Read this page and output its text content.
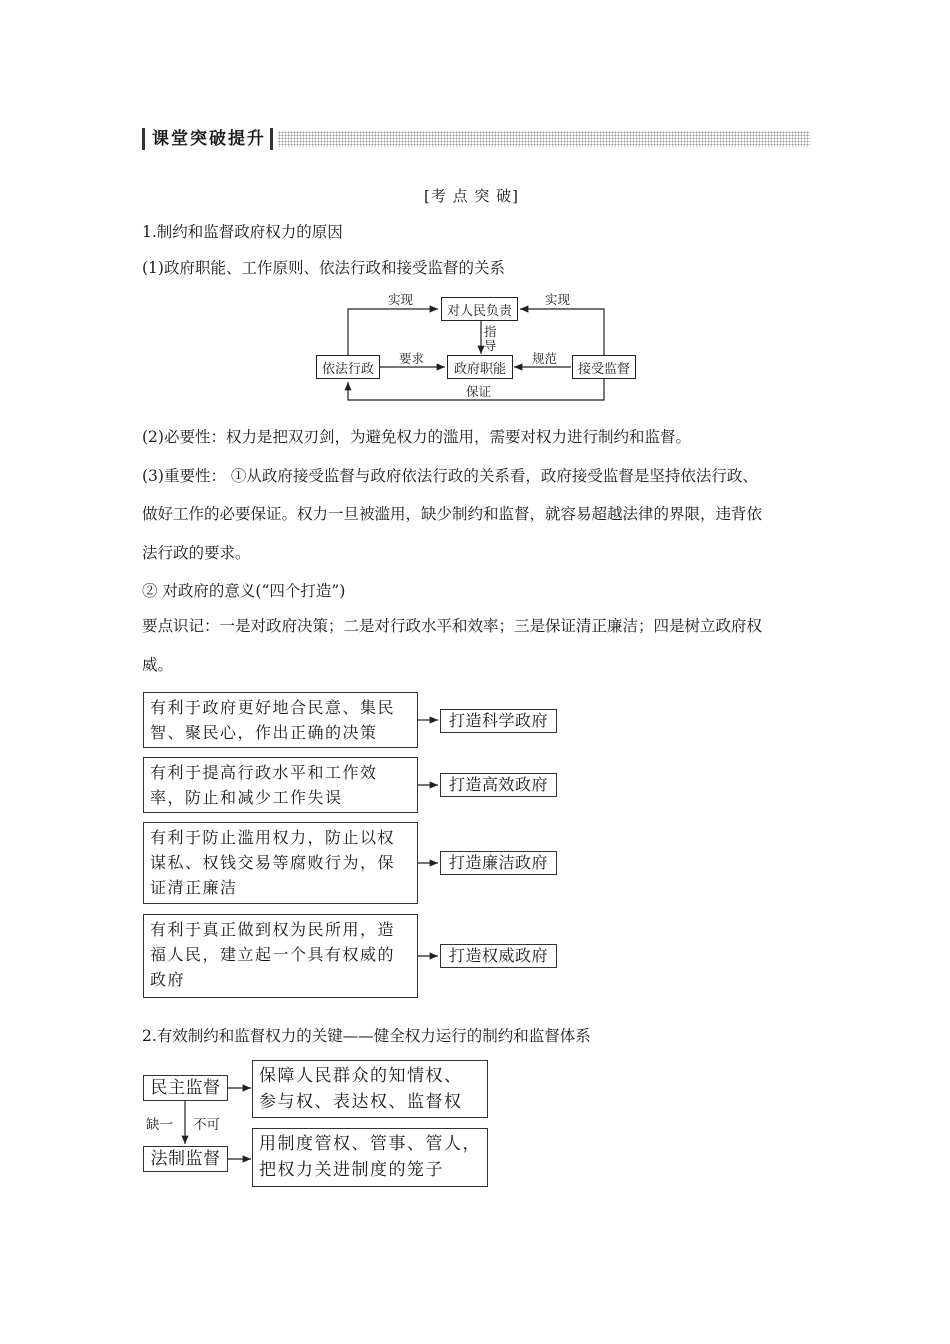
课堂突破提升
[考 点 突 破]
1.制约和监督政府权力的原因
(1)政府职能、工作原则、依法行政和接受监督的关系
对人民负责
依法行政	政府职能	接受监督
实现	实现
指
导
要求	规范
保证
(2)必要性：权力是把双刃剑，为避免权力的滥用，需要对权力进行制约和监督。
(3)重要性： ①从政府接受监督与政府依法行政的关系看，政府接受监督是坚持依法行政、
做好工作的必要保证。权力一旦被滥用，缺少制约和监督，就容易超越法律的界限，违背依
法行政的要求。
② 对政府的意义(“四个打造”)
要点识记：一是对政府决策；二是对行政水平和效率；三是保证清正廉洁；四是树立政府权
威。
有利于政府更好地合民意、集民
智、聚民心，作出正确的决策
打造科学政府
有利于提高行政水平和工作效
率，防止和减少工作失误
打造高效政府
有利于防止滥用权力，防止以权
谋私、权钱交易等腐败行为，保
证清正廉洁
打造廉洁政府
有利于真正做到权为民所用，造
福人民，建立起一个具有权威的
政府
打造权威政府
2.有效制约和监督权力的关键——健全权力运行的制约和监督体系
民主监督
法制监督
缺一 不可
保障人民群众的知情权、
参与权、表达权、监督权
用制度管权、管事、管人，
把权力关进制度的笼子
